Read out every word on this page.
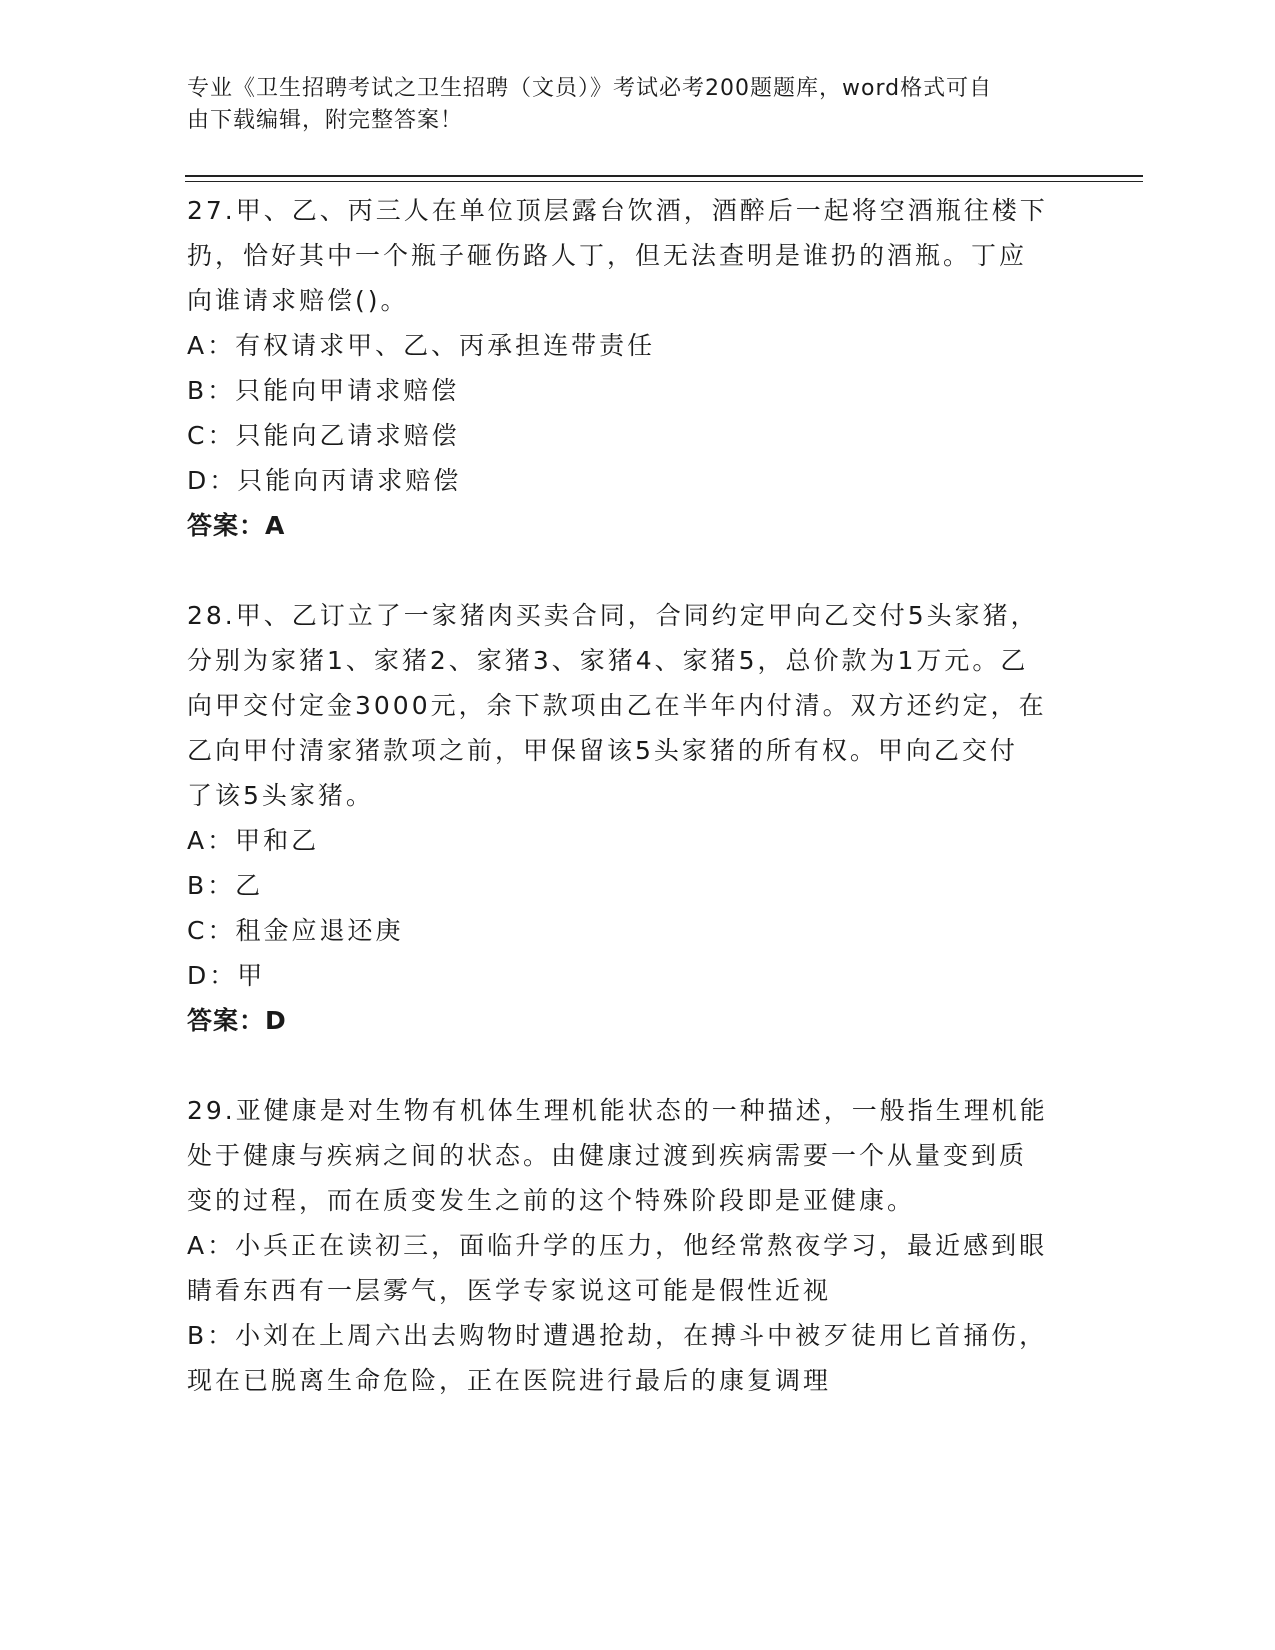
专业《卫生招聘考试之卫生招聘（文员）》考试必考200题题库，word格式可自

由下载编辑，附完整答案！

27.甲、乙、丙三人在单位顶层露台饮酒，酒醉后一起将空酒瓶往楼下

扔，恰好其中一个瓶子砸伤路人丁，但无法查明是谁扔的酒瓶。丁应

向谁请求赔偿()。

A：有权请求甲、乙、丙承担连带责任

B：只能向甲请求赔偿

C：只能向乙请求赔偿

D：只能向丙请求赔偿

答案：A

28.甲、乙订立了一家猪肉买卖合同，合同约定甲向乙交付5头家猪，

分别为家猪1、家猪2、家猪3、家猪4、家猪5，总价款为1万元。乙

向甲交付定金3000元，余下款项由乙在半年内付清。双方还约定，在

乙向甲付清家猪款项之前，甲保留该5头家猪的所有权。甲向乙交付

了该5头家猪。

A：甲和乙

B：乙

C：租金应退还庚

D：甲

答案：D

29.亚健康是对生物有机体生理机能状态的一种描述，一般指生理机能

处于健康与疾病之间的状态。由健康过渡到疾病需要一个从量变到质

变的过程，而在质变发生之前的这个特殊阶段即是亚健康。

A：小兵正在读初三，面临升学的压力，他经常熬夜学习，最近感到眼

睛看东西有一层雾气，医学专家说这可能是假性近视

B：小刘在上周六出去购物时遭遇抢劫，在搏斗中被歹徒用匕首捅伤，

现在已脱离生命危险，正在医院进行最后的康复调理
